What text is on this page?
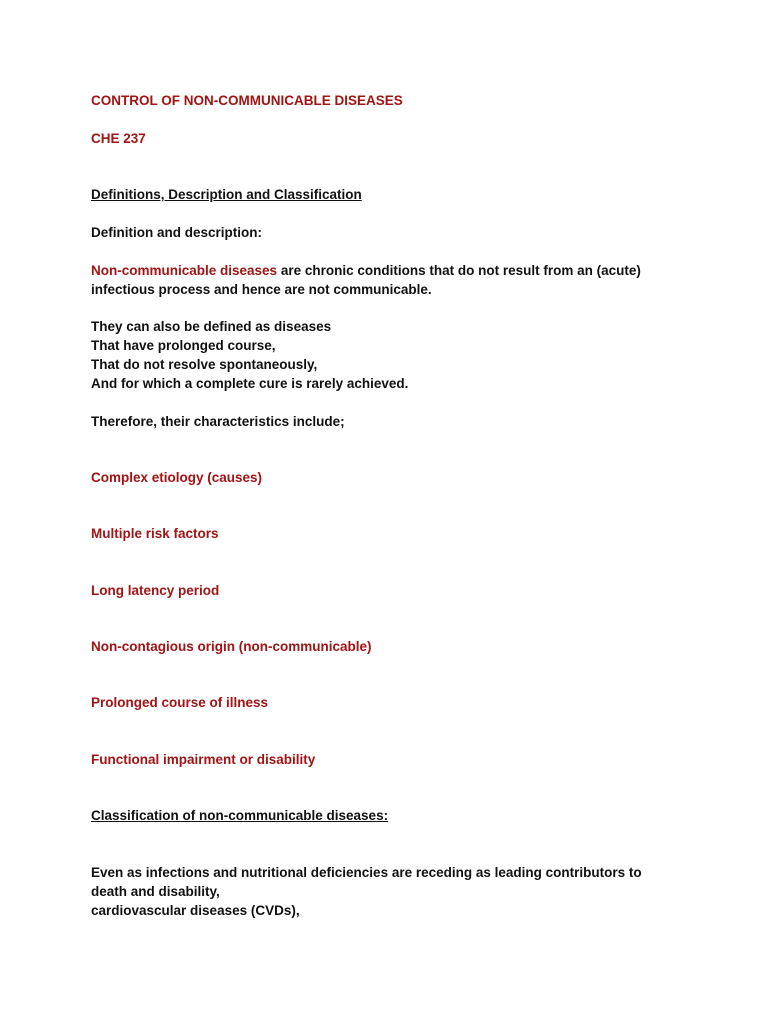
CONTROL OF NON-COMMUNICABLE DISEASES
CHE 237
Definitions, Description and Classification
Definition and description:
Non-communicable diseases are chronic conditions that do not result from an (acute)
infectious process and hence are not communicable.
They can also be defined as diseases
That have prolonged course,
That do not resolve spontaneously,
And for which a complete cure is rarely achieved.
Therefore, their characteristics include;
Complex etiology (causes)
Multiple risk factors
Long latency period
Non-contagious origin (non-communicable)
Prolonged course of illness
Functional impairment or disability
Classification of non-communicable diseases:
Even as infections and nutritional deficiencies are receding as leading contributors to
death and disability,
cardiovascular diseases (CVDs),
